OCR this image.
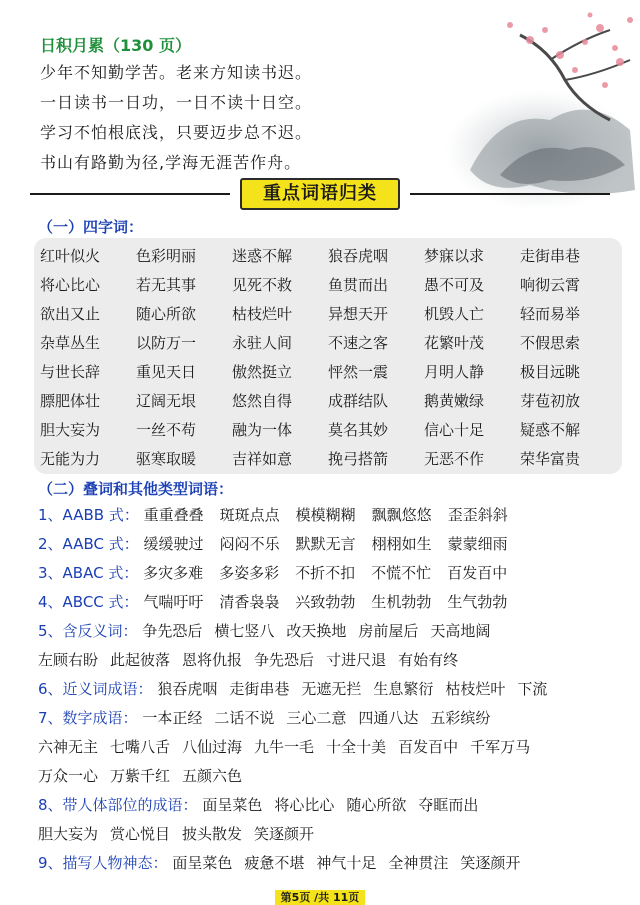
日积月累（130 页）
少年不知勤学苦。老来方知读书迟。
一日读书一日功，一日不读十日空。
学习不怕根底浅，只要迈步总不迟。
书山有路勤为径,学海无涯苦作舟。
重点词语归类
（一）四字词：
红叶似火 色彩明丽 迷惑不解 狼吞虎咽 梦寐以求 走街串巷
将心比心 若无其事 见死不救 鱼贯而出 愚不可及 响彻云霄
欲出又止 随心所欲 枯枝烂叶 异想天开 机毁人亡 轻而易举
杂草丛生 以防万一 永驻人间 不速之客 花繁叶茂 不假思索
与世长辞 重见天日 傲然挺立 怦然一震 月明人静 极目远眺
膘肥体壮 辽阔无垠 悠然自得 成群结队 鹅黄嫩绿 芽苞初放
胆大妄为 一丝不苟 融为一体 莫名其妙 信心十足 疑惑不解
无能为力 驱寒取暖 吉祥如意 挽弓搭箭 无恶不作 荣华富贵
（二）叠词和其他类型词语：
1、AABB 式： 重重叠叠 斑斑点点 模模糊糊 飘飘悠悠 歪歪斜斜
2、AABC 式： 缓缓驶过 闷闷不乐 默默无言 栩栩如生 蒙蒙细雨
3、ABAC 式： 多灾多难 多姿多彩 不折不扣 不慌不忙 百发百中
4、ABCC 式： 气喘吁吁 清香袅袅 兴致勃勃 生机勃勃 生气勃勃
5、含反义词： 争先恐后 横七竖八 改天换地 房前屋后 天高地阔
左顾右盼 此起彼落 恩将仇报 争先恐后 寸进尺退 有始有终
6、近义词成语： 狼吞虎咽 走街串巷 无遮无拦 生息繁衍 枯枝烂叶 下流
7、数字成语： 一本正经 二话不说 三心二意 四通八达 五彩缤纷
六神无主 七嘴八舌 八仙过海 九牛一毛 十全十美 百发百中 千军万马
万众一心 万紫千红 五颜六色
8、带人体部位的成语： 面呈菜色 将心比心 随心所欲 夺眶而出
胆大妄为 赏心悦目 披头散发 笑逐颜开
9、描写人物神态： 面呈菜色 疲惫不堪 神气十足 全神贯注 笑逐颜开
第5页 /共 11页
